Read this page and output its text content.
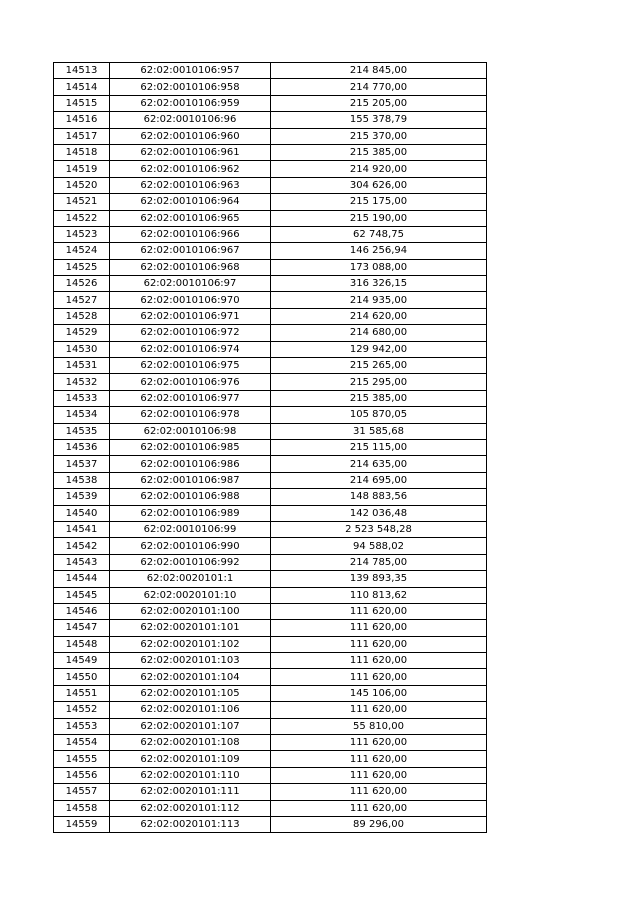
14513	62:02:0010106:957	214 845,00
14514	62:02:0010106:958	214 770,00
14515	62:02:0010106:959	215 205,00
14516	62:02:0010106:96	155 378,79
14517	62:02:0010106:960	215 370,00
14518	62:02:0010106:961	215 385,00
14519	62:02:0010106:962	214 920,00
14520	62:02:0010106:963	304 626,00
14521	62:02:0010106:964	215 175,00
14522	62:02:0010106:965	215 190,00
14523	62:02:0010106:966	62 748,75
14524	62:02:0010106:967	146 256,94
14525	62:02:0010106:968	173 088,00
14526	62:02:0010106:97	316 326,15
14527	62:02:0010106:970	214 935,00
14528	62:02:0010106:971	214 620,00
14529	62:02:0010106:972	214 680,00
14530	62:02:0010106:974	129 942,00
14531	62:02:0010106:975	215 265,00
14532	62:02:0010106:976	215 295,00
14533	62:02:0010106:977	215 385,00
14534	62:02:0010106:978	105 870,05
14535	62:02:0010106:98	31 585,68
14536	62:02:0010106:985	215 115,00
14537	62:02:0010106:986	214 635,00
14538	62:02:0010106:987	214 695,00
14539	62:02:0010106:988	148 883,56
14540	62:02:0010106:989	142 036,48
14541	62:02:0010106:99	2 523 548,28
14542	62:02:0010106:990	94 588,02
14543	62:02:0010106:992	214 785,00
14544	62:02:0020101:1	139 893,35
14545	62:02:0020101:10	110 813,62
14546	62:02:0020101:100	111 620,00
14547	62:02:0020101:101	111 620,00
14548	62:02:0020101:102	111 620,00
14549	62:02:0020101:103	111 620,00
14550	62:02:0020101:104	111 620,00
14551	62:02:0020101:105	145 106,00
14552	62:02:0020101:106	111 620,00
14553	62:02:0020101:107	55 810,00
14554	62:02:0020101:108	111 620,00
14555	62:02:0020101:109	111 620,00
14556	62:02:0020101:110	111 620,00
14557	62:02:0020101:111	111 620,00
14558	62:02:0020101:112	111 620,00
14559	62:02:0020101:113	89 296,00
